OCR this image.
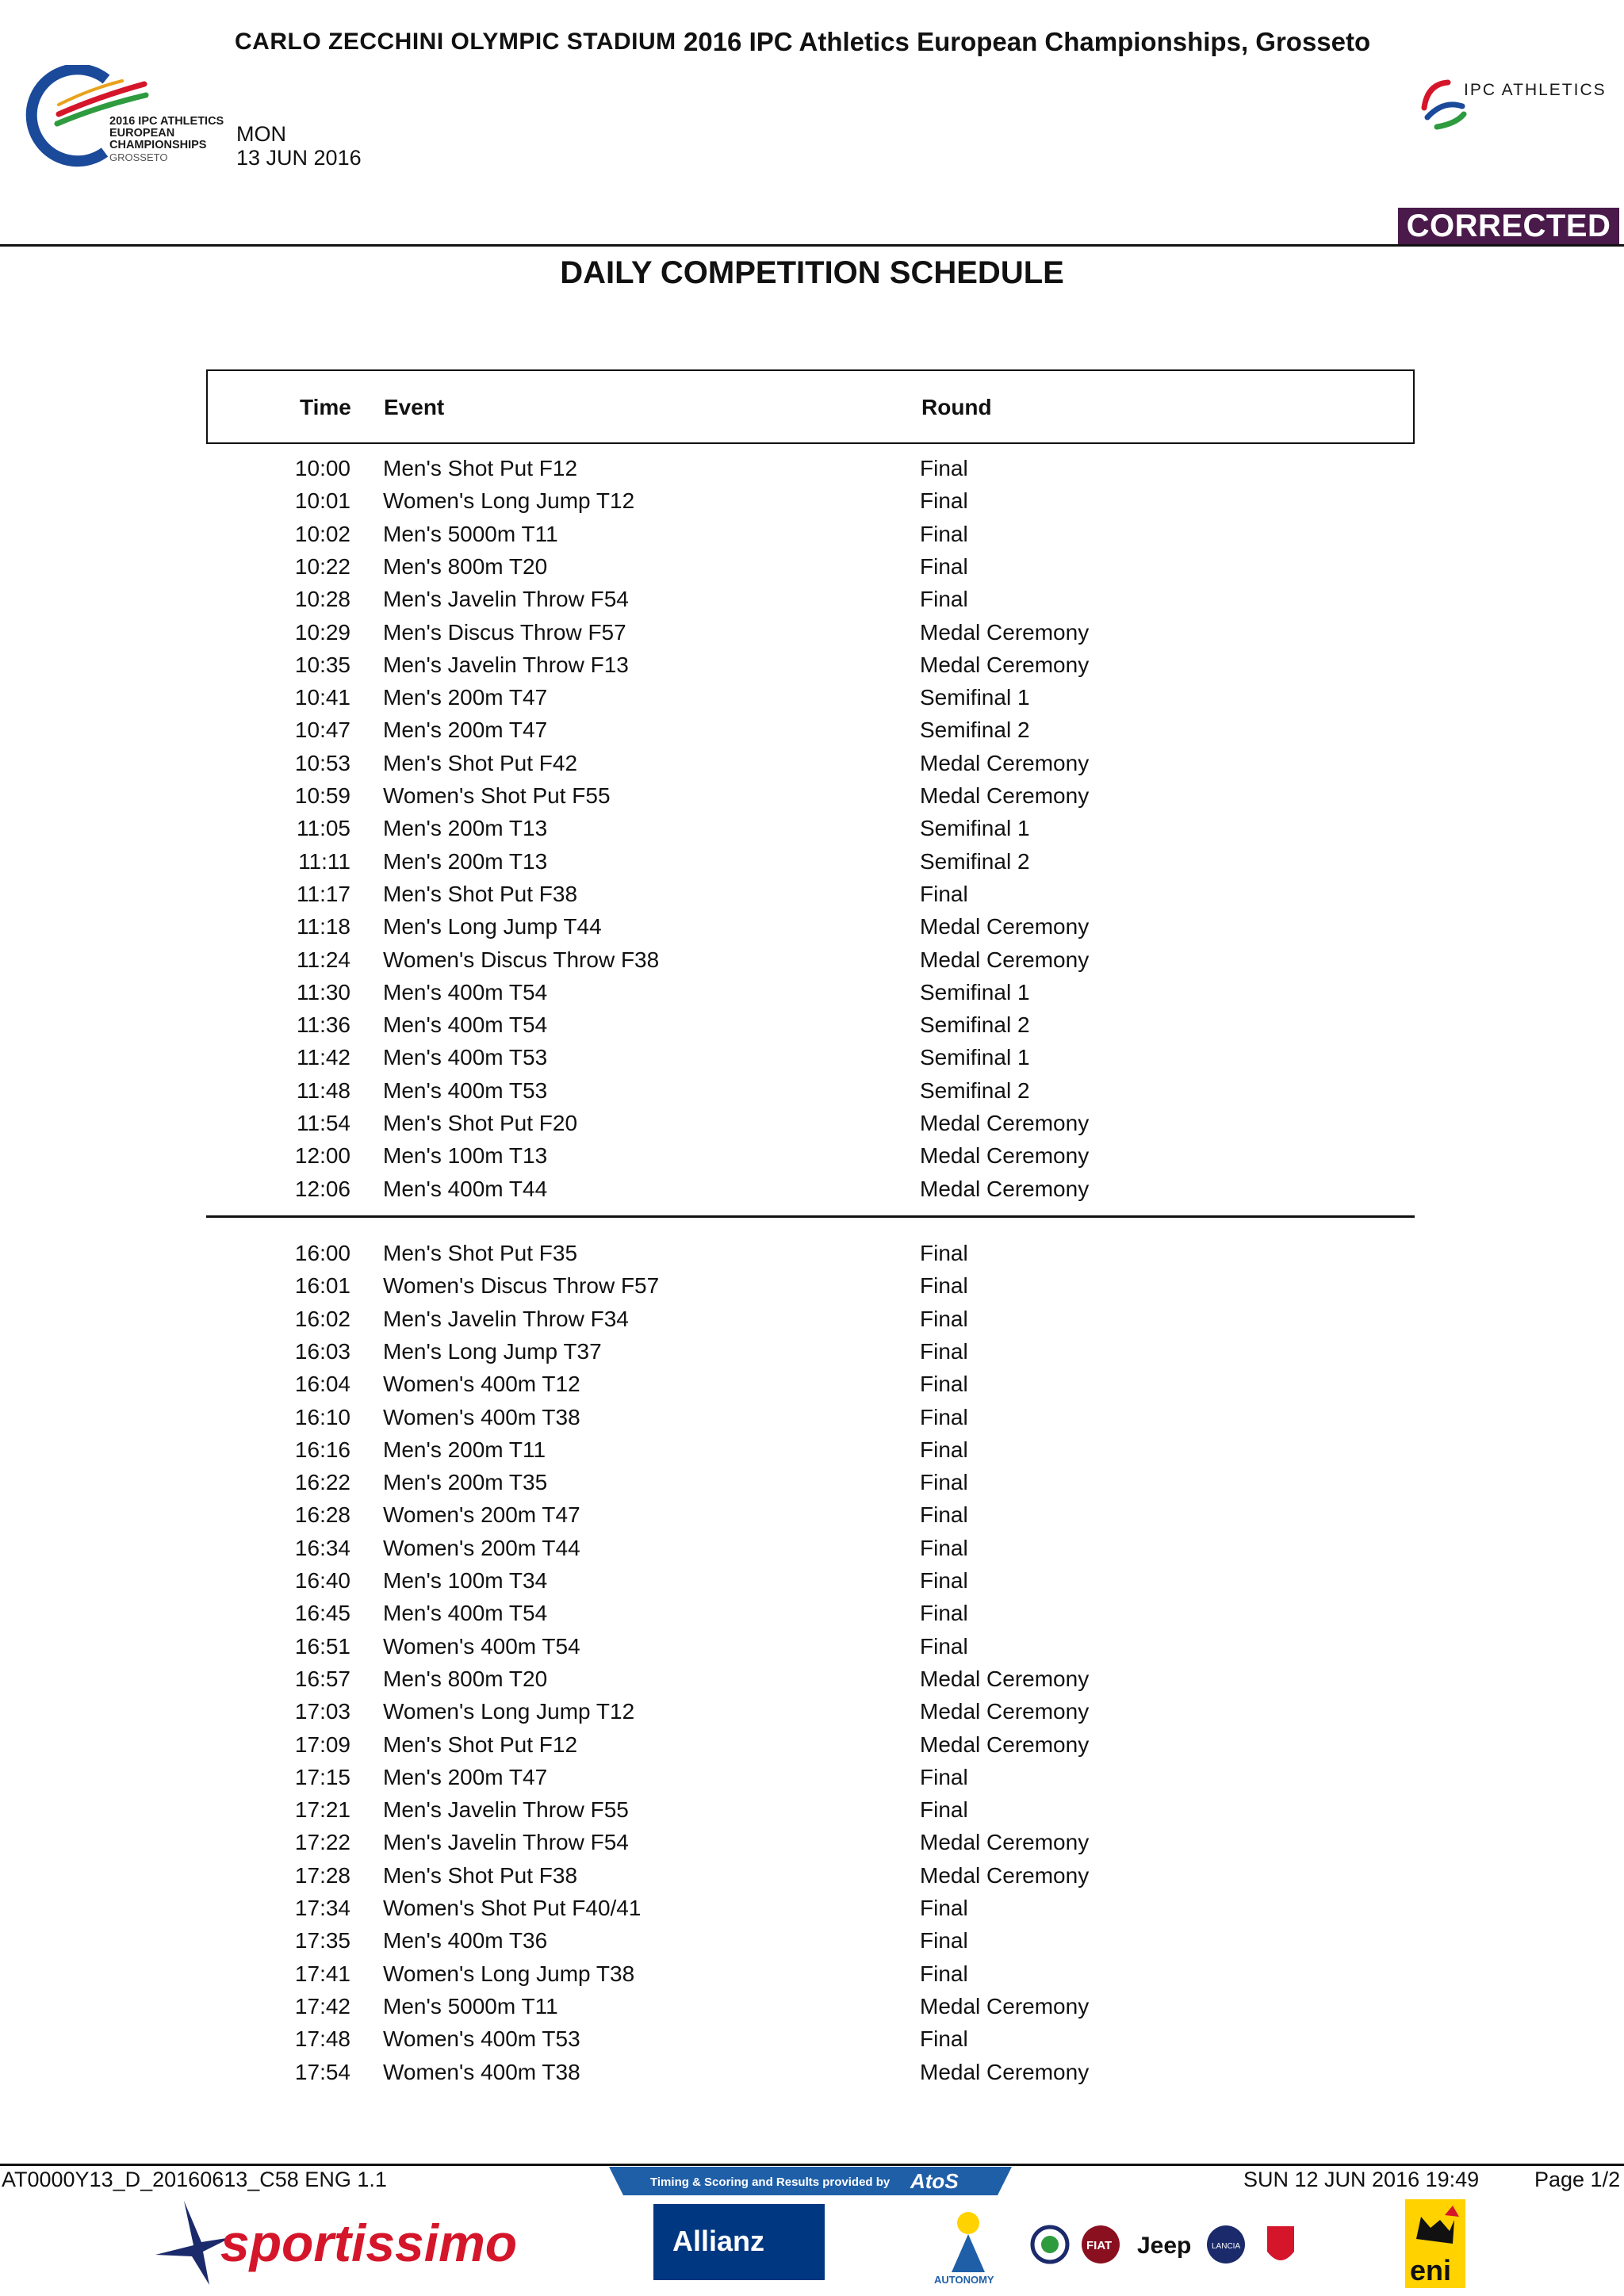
CARLO ZECCHINI OLYMPIC STADIUM 2016 IPC Athletics European Championships, Grosseto
2016 IPC ATHLETICS
EUROPEAN
CHAMPIONSHIPS
GROSSETO
MON
13 JUN 2016
IPC ATHLETICS
CORRECTED
DAILY COMPETITION SCHEDULE
Time Event	Round
10:00 Men's Shot Put F12	Final
10:01 Women's Long Jump T12	Final
10:02 Men's 5000m T11	Final
10:22 Men's 800m T20	Final
10:28 Men's Javelin Throw F54	Final
10:29 Men's Discus Throw F57	Medal Ceremony
10:35 Men's Javelin Throw F13	Medal Ceremony
10:41 Men's 200m T47	Semifinal 1
10:47 Men's 200m T47	Semifinal 2
10:53 Men's Shot Put F42	Medal Ceremony
10:59 Women's Shot Put F55	Medal Ceremony
11:05 Men's 200m T13	Semifinal 1
11:11 Men's 200m T13	Semifinal 2
11:17 Men's Shot Put F38	Final
11:18 Men's Long Jump T44	Medal Ceremony
11:24 Women's Discus Throw F38	Medal Ceremony
11:30 Men's 400m T54	Semifinal 1
11:36 Men's 400m T54	Semifinal 2
11:42 Men's 400m T53	Semifinal 1
11:48 Men's 400m T53	Semifinal 2
11:54 Men's Shot Put F20	Medal Ceremony
12:00 Men's 100m T13	Medal Ceremony
12:06 Men's 400m T44	Medal Ceremony
16:00 Men's Shot Put F35	Final
16:01 Women's Discus Throw F57	Final
16:02 Men's Javelin Throw F34	Final
16:03 Men's Long Jump T37	Final
16:04 Women's 400m T12	Final
16:10 Women's 400m T38	Final
16:16 Men's 200m T11	Final
16:22 Men's 200m T35	Final
16:28 Women's 200m T47	Final
16:34 Women's 200m T44	Final
16:40 Men's 100m T34	Final
16:45 Men's 400m T54	Final
16:51 Women's 400m T54	Final
16:57 Men's 800m T20	Medal Ceremony
17:03 Women's Long Jump T12	Medal Ceremony
17:09 Men's Shot Put F12	Medal Ceremony
17:15 Men's 200m T47	Final
17:21 Men's Javelin Throw F55	Final
17:22 Men's Javelin Throw F54	Medal Ceremony
17:28 Men's Shot Put F38	Medal Ceremony
17:34 Women's Shot Put F40/41	Final
17:35 Men's 400m T36	Final
17:41 Women's Long Jump T38	Final
17:42 Men's 5000m T11	Medal Ceremony
17:48 Women's 400m T53	Final
17:54 Women's 400m T38	Medal Ceremony
AT0000Y13_D_20160613_C58 ENG 1.1	Timing & Scoring and Results provided by AtoS	SUN 12 JUN 2016 19:49	Page 1/2
sportissimo	Allianz
AUTONOMY
FIAT Jeep	LANCIA
eni
